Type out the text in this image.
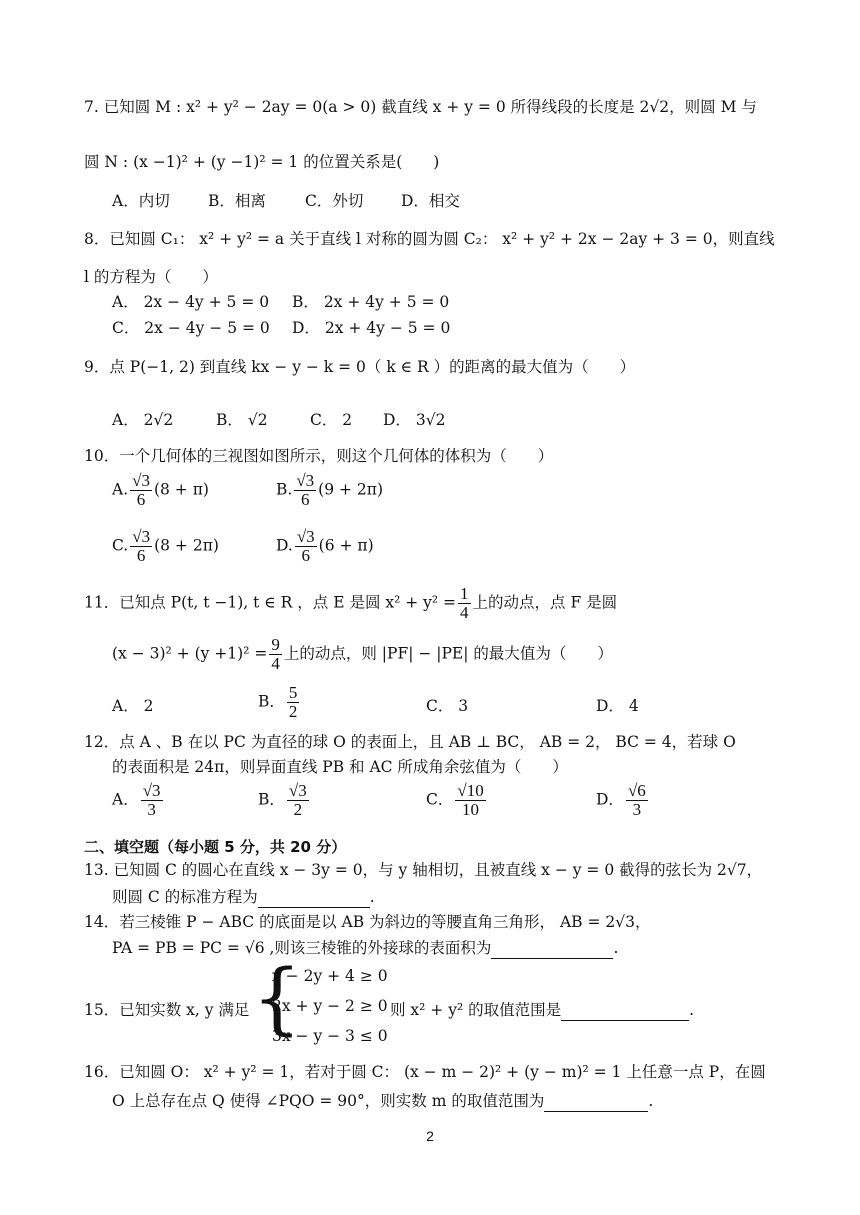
7. 已知圆 M : x² + y² − 2ay = 0(a > 0) 截直线 x + y = 0 所得线段的长度是 2√2，则圆 M 与
圆 N : (x −1)² + (y −1)² = 1 的位置关系是(　　)
A．内切 B．相离	C．外切 D．相交
8．已知圆 C₁： x² + y² = a 关于直线 l 对称的圆为圆 C₂： x² + y² + 2x − 2ay + 3 = 0，则直线
l 的方程为（　　）
A． 2x − 4y + 5 = 0 B． 2x + 4y + 5 = 0
C． 2x − 4y − 5 = 0 D． 2x + 4y − 5 = 0
9．点 P(−1, 2) 到直线 kx − y − k = 0（ k ∈ R ）的距离的最大值为（　　）
A． 2√2	B． √2	C． 2 D． 3√2
10．一个几何体的三视图如图所示，则这个几何体的体积为（　　）
A. $\frac{√3}{6} (8 + \pi)$	B. $\frac{√3}{6} (9 + 2\pi)$
C. $\frac{√3}{6} (8 + 2\pi)$	D. $\frac{√3}{6} (6 + \pi)$
11．已知点 P(t, t −1), t ∈ R ，点 E 是圆 $x^2 + y^2 = \frac{1}{4}$ 上的动点，点 F 是圆
$(x - 3)^2 + (y +1)^2 = \frac{9}{4}$ 上的动点，则 |PF| − |PE| 的最大值为（　　）
A． 2	B． $\frac{5}{2}$	C． 3	D． 4
12．点 A 、B 在以 PC 为直径的球 O 的表面上，且 AB ⊥ BC， AB = 2， BC = 4，若球 O
的表面积是 24π，则异面直线 PB 和 AC 所成角余弦值为（　　）
A． $\frac{√3}{3}$	B． $\frac{√3}{2}$	C． $\frac{√10}{10}$	D． $\frac{√6}{3}$
二、填空题（每小题 5 分，共 20 分）
13. 已知圆 C 的圆心在直线 x − 3y = 0，与 y 轴相切，且被直线 x − y = 0 截得的弦长为 2√7，
则圆 C 的标准方程为	.
14．若三棱锥 P − ABC 的底面是以 AB 为斜边的等腰直角三角形， AB = 2√3，
PA = PB = PC = √6 ,则该三棱锥的外接球的表面积为	.
15．已知实数 x, y 满足 {
x − 2y + 4 ≥ 0
2x + y − 2 ≥ 0
3x − y − 3 ≤ 0
则 x² + y² 的取值范围是	.
16．已知圆 O： x² + y² = 1，若对于圆 C： (x − m − 2)² + (y − m)² = 1 上任意一点 P，在圆
O 上总存在点 Q 使得 ∠PQO = 90°，则实数 m 的取值范围为	.
2
